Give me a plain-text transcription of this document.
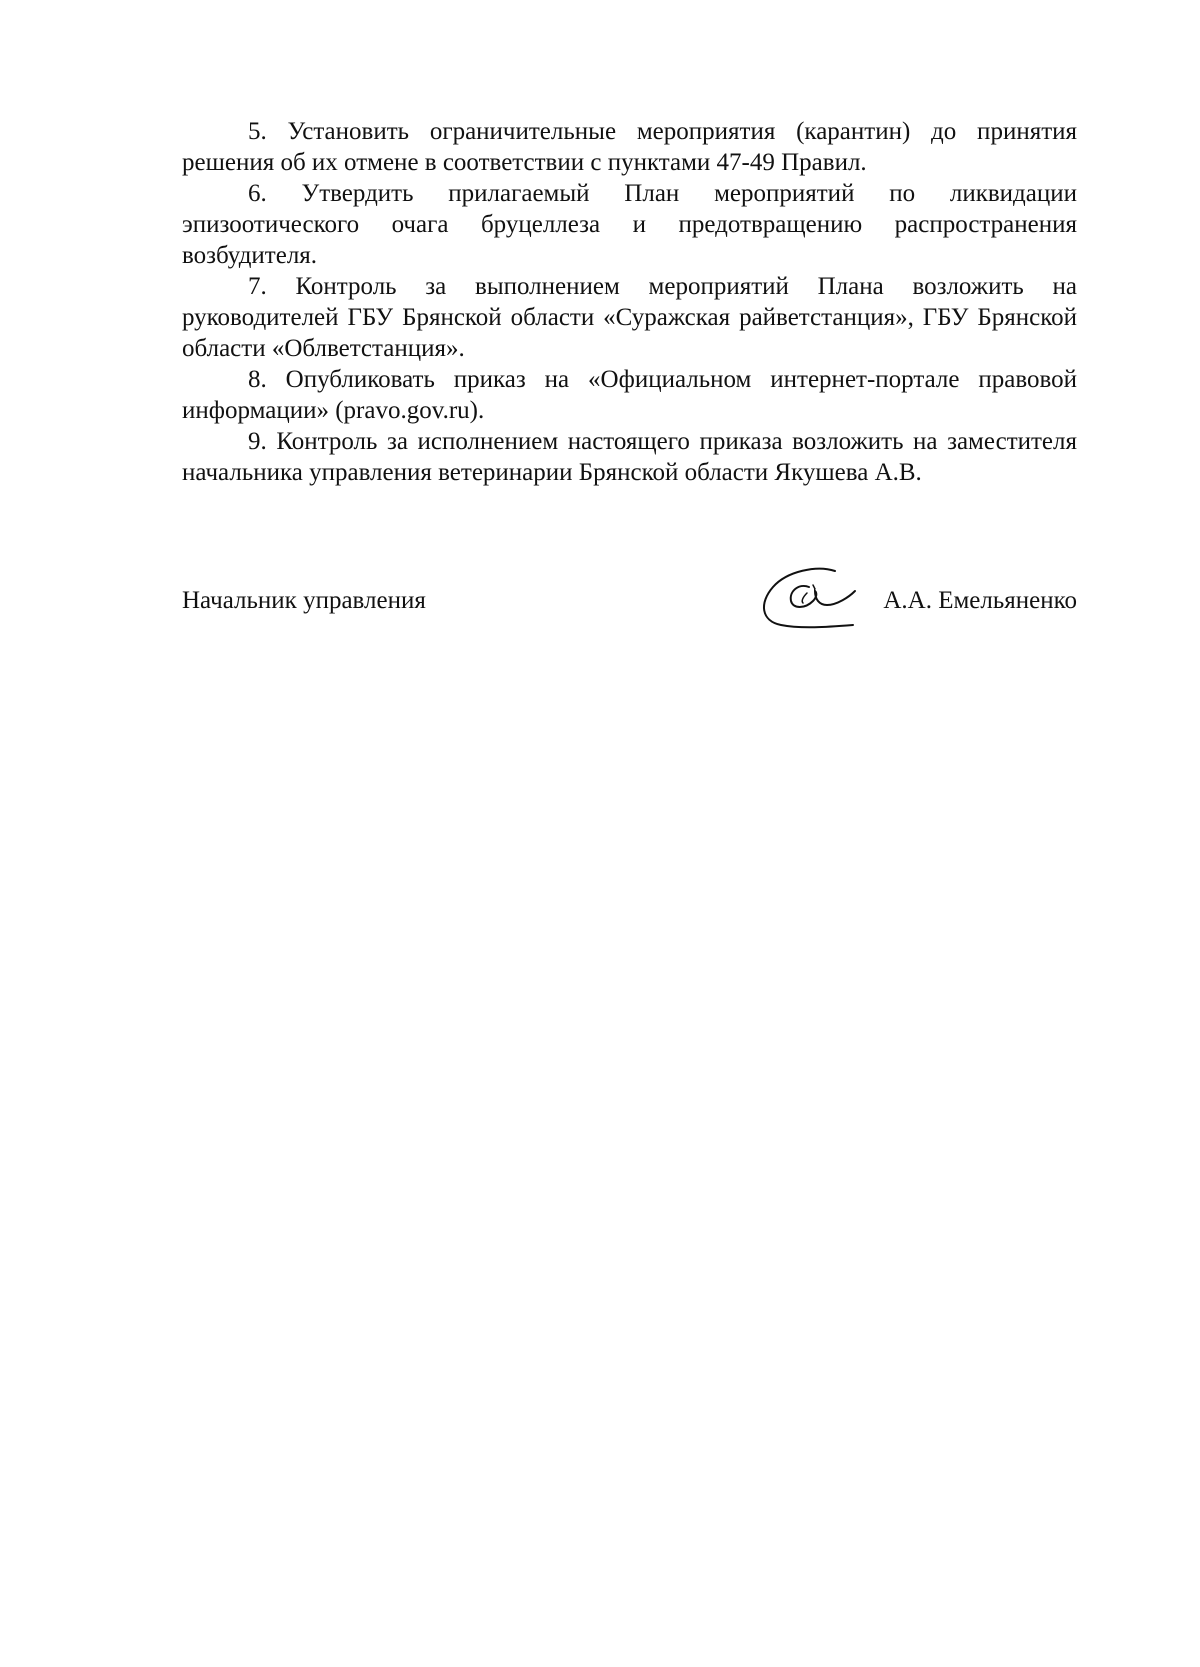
5. Установить ограничительные мероприятия (карантин) до принятия решения об их отмене в соответствии с пунктами 47-49 Правил.

6. Утвердить прилагаемый План мероприятий по ликвидации эпизоотического очага бруцеллеза и предотвращению распространения возбудителя.

7. Контроль за выполнением мероприятий Плана возложить на руководителей ГБУ Брянской области «Суражская райветстанция», ГБУ Брянской области «Облветстанция».

8. Опубликовать приказ на «Официальном интернет-портале правовой информации» (pravo.gov.ru).

9. Контроль за исполнением настоящего приказа возложить на заместителя начальника управления ветеринарии Брянской области Якушева А.В.

Начальник управления	А.А. Емельяненко
